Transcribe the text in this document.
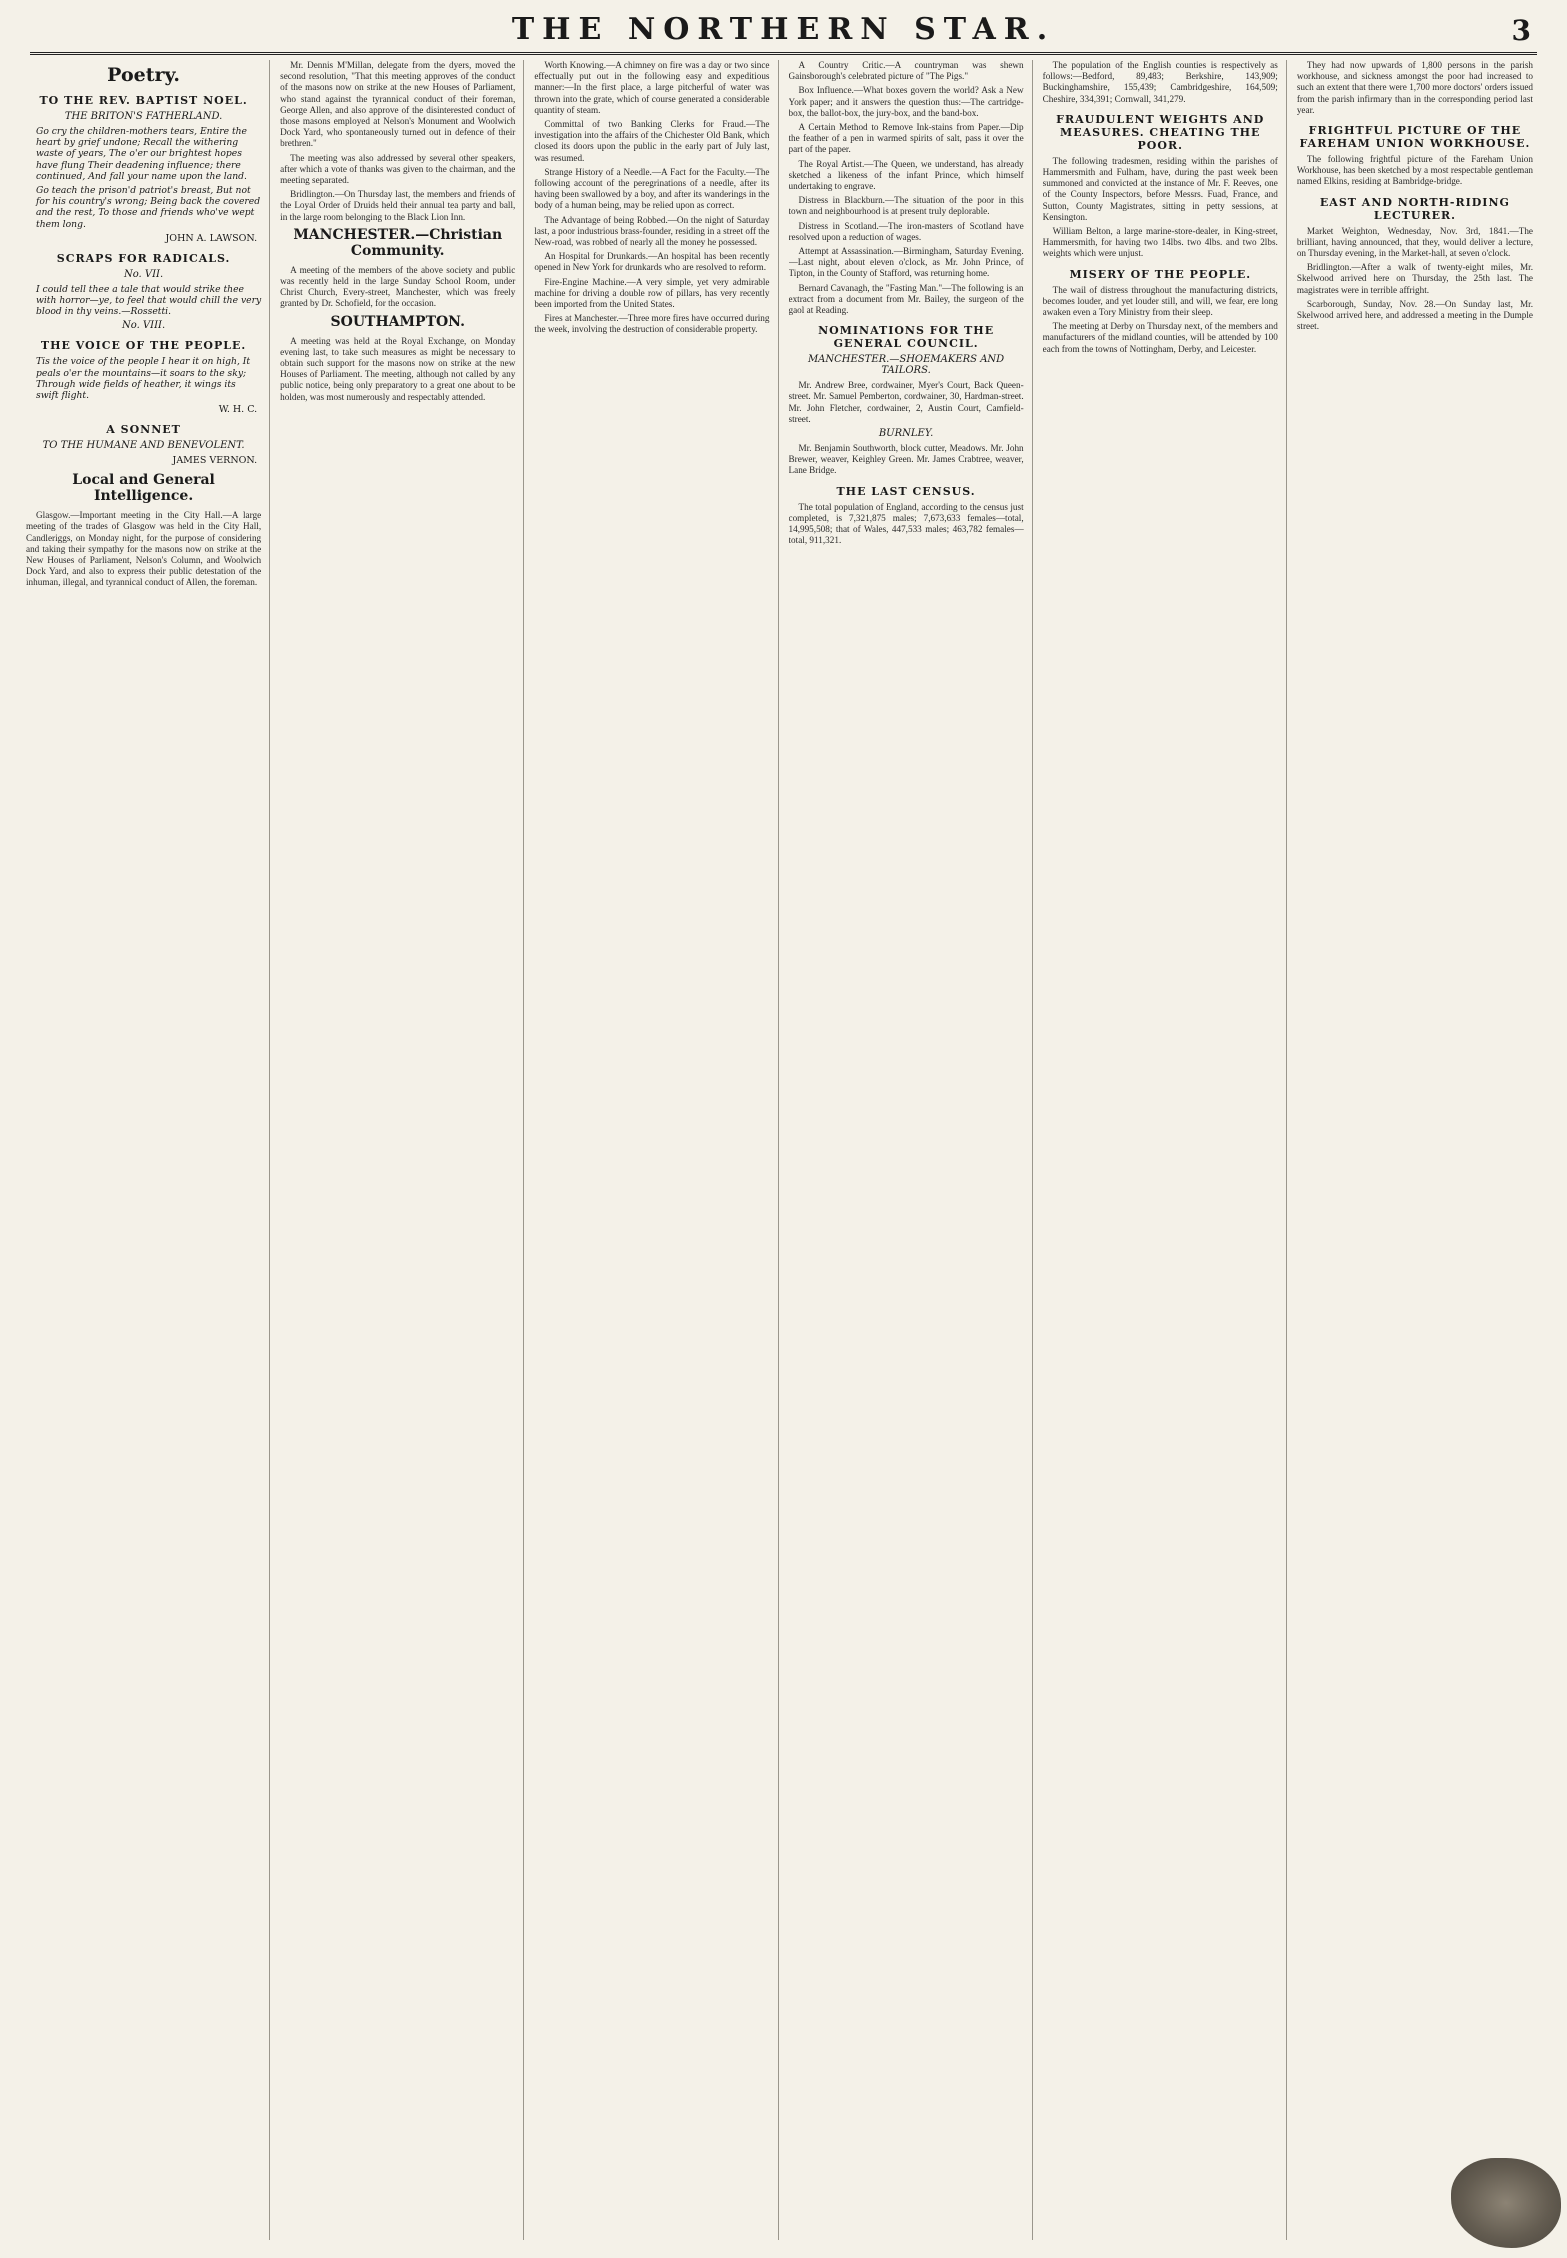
THE NORTHERN STAR.	3
Poetry.
TO THE REV. BAPTIST NOEL.
THE BRITON'S FATHERLAND.
Go cry the children-mothers tears, Entire the heart by grief undone; Recall the withering waste of years, The o'er our brightest hopes have flung Their deadening influence; there continued, And fall your name upon the land.
Go teach the prison'd patriot's breast, But not for his country's wrong; Being back the covered and the rest, To those and friends who've wept them long.
JOHN A. LAWSON.
SCRAPS FOR RADICALS.
No. VII.
I could tell thee a tale that would strike thee with horror—ye, to feel that would chill the very blood in thy veins.—Rossetti.
No. VIII.
THE VOICE OF THE PEOPLE.
Tis the voice of the people I hear it on high, It peals o'er the mountains—it soars to the sky; Through wide fields of heather, it wings its swift flight.
W. H. C.
A SONNET
TO THE HUMANE AND BENEVOLENT.
JAMES VERNON.
Local and General Intelligence.

Glasgow.—Important meeting in the City Hall.—A large meeting of the trades of Glasgow was held in the City Hall, Candleriggs, on Monday night, for the purpose of considering and taking their sympathy for the masons now on strike at the New Houses of Parliament, Nelson's Column, and Woolwich Dock Yard, and also to express their public detestation of the inhuman, illegal, and tyrannical conduct of Allen, the foreman.

Mr. Dennis M'Millan, delegate from the dyers, moved the second resolution, "That this meeting approves of the conduct of the masons now on strike at the new Houses of Parliament, who stand against the tyrannical conduct of their foreman, George Allen, and also approve of the disinterested conduct of those masons employed at Nelson's Monument and Woolwich Dock Yard, who spontaneously turned out in defence of their brethren."

The meeting was also addressed by several other speakers, after which a vote of thanks was given to the chairman, and the meeting separated.

Bridlington.—On Thursday last, the members and friends of the Loyal Order of Druids held their annual tea party and ball, in the large room belonging to the Black Lion Inn.

MANCHESTER.—Christian Community.

A meeting of the members of the above society and public was recently held in the large Sunday School Room, under Christ Church, Every-street, Manchester, which was freely granted by Dr. Schofield, for the occasion.

SOUTHAMPTON.

A meeting was held at the Royal Exchange, on Monday evening last, to take such measures as might be necessary to obtain such support for the masons now on strike at the new Houses of Parliament. The meeting, although not called by any public notice, being only preparatory to a great one about to be holden, was most numerously and respectably attended.

Worth Knowing.—A chimney on fire was a day or two since effectually put out in the following easy and expeditious manner:—In the first place, a large pitcherful of water was thrown into the grate, which of course generated a considerable quantity of steam.

Committal of two Banking Clerks for Fraud.—The investigation into the affairs of the Chichester Old Bank, which closed its doors upon the public in the early part of July last, was resumed.

Strange History of a Needle.—A Fact for the Faculty.—The following account of the peregrinations of a needle, after its having been swallowed by a boy, and after its wanderings in the body of a human being, may be relied upon as correct.

The Advantage of being Robbed.—On the night of Saturday last, a poor industrious brass-founder, residing in a street off the New-road, was robbed of nearly all the money he possessed.

An Hospital for Drunkards.—An hospital has been recently opened in New York for drunkards who are resolved to reform.

Fire-Engine Machine.—A very simple, yet very admirable machine for driving a double row of pillars, has very recently been imported from the United States.

Fires at Manchester.—Three more fires have occurred during the week, involving the destruction of considerable property.

A Country Critic.—A countryman was shewn Gainsborough's celebrated picture of "The Pigs."

Box Influence.—What boxes govern the world? Ask a New York paper; and it answers the question thus:—The cartridge-box, the ballot-box, the jury-box, and the band-box.

A Certain Method to Remove Ink-stains from Paper.—Dip the feather of a pen in warmed spirits of salt, pass it over the part of the paper.

The Royal Artist.—The Queen, we understand, has already sketched a likeness of the infant Prince, which himself undertaking to engrave.

Distress in Blackburn.—The situation of the poor in this town and neighbourhood is at present truly deplorable.

Distress in Scotland.—The iron-masters of Scotland have resolved upon a reduction of wages.

Attempt at Assassination.—Birmingham, Saturday Evening.—Last night, about eleven o'clock, as Mr. John Prince, of Tipton, in the County of Stafford, was returning home.

Bernard Cavanagh, the "Fasting Man."—The following is an extract from a document from Mr. Bailey, the surgeon of the gaol at Reading.

NOMINATIONS FOR THE GENERAL COUNCIL.
MANCHESTER.—SHOEMAKERS AND TAILORS.

Mr. Andrew Bree, cordwainer, Myer's Court, Back Queen-street. Mr. Samuel Pemberton, cordwainer, 30, Hardman-street. Mr. John Fletcher, cordwainer, 2, Austin Court, Camfield-street.

BURNLEY.

Mr. Benjamin Southworth, block cutter, Meadows. Mr. John Brewer, weaver, Keighley Green. Mr. James Crabtree, weaver, Lane Bridge.

THE LAST CENSUS.

The total population of England, according to the census just completed, is 7,321,875 males; 7,673,633 females—total, 14,995,508; that of Wales, 447,533 males; 463,782 females—total, 911,321.

The population of the English counties is respectively as follows:—Bedford, 89,483; Berkshire, 143,909; Buckinghamshire, 155,439; Cambridgeshire, 164,509; Cheshire, 334,391; Cornwall, 341,279.

FRAUDULENT WEIGHTS AND MEASURES. CHEATING THE POOR.

The following tradesmen, residing within the parishes of Hammersmith and Fulham, have, during the past week been summoned and convicted at the instance of Mr. F. Reeves, one of the County Inspectors, before Messrs. Fuad, France, and Sutton, County Magistrates, sitting in petty sessions, at Kensington.

William Belton, a large marine-store-dealer, in King-street, Hammersmith, for having two 14lbs. two 4lbs. and two 2lbs. weights which were unjust.

MISERY OF THE PEOPLE.

The wail of distress throughout the manufacturing districts, becomes louder, and yet louder still, and will, we fear, ere long awaken even a Tory Ministry from their sleep.

The meeting at Derby on Thursday next, of the members and manufacturers of the midland counties, will be attended by 100 each from the towns of Nottingham, Derby, and Leicester.

They had now upwards of 1,800 persons in the parish workhouse, and sickness amongst the poor had increased to such an extent that there were 1,700 more doctors' orders issued from the parish infirmary than in the corresponding period last year.

FRIGHTFUL PICTURE OF THE FAREHAM UNION WORKHOUSE.

The following frightful picture of the Fareham Union Workhouse, has been sketched by a most respectable gentleman named Elkins, residing at Bambridge-bridge.

EAST AND NORTH-RIDING LECTURER.

Market Weighton, Wednesday, Nov. 3rd, 1841.—The brilliant, having announced, that they, would deliver a lecture, on Thursday evening, in the Market-hall, at seven o'clock.

Bridlington.—After a walk of twenty-eight miles, Mr. Skelwood arrived here on Thursday, the 25th last. The magistrates were in terrible affright.

Scarborough, Sunday, Nov. 28.—On Sunday last, Mr. Skelwood arrived here, and addressed a meeting in the Dumple street.
